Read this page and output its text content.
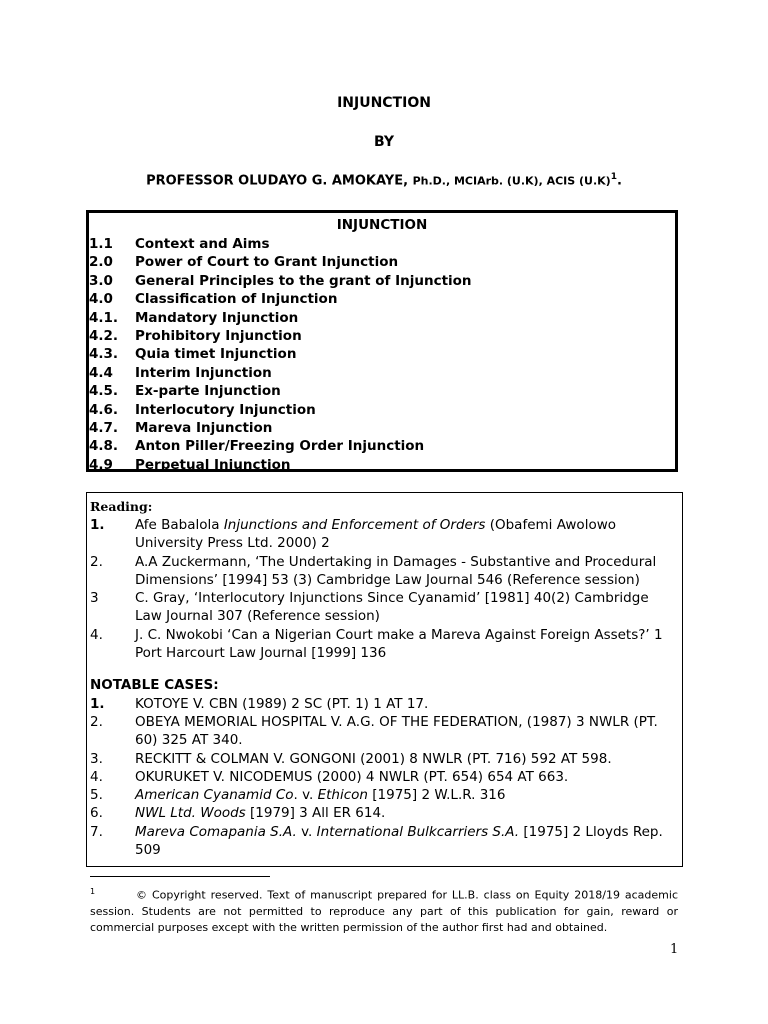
INJUNCTION
BY
PROFESSOR OLUDAYO G. AMOKAYE, Ph.D., MCIArb. (U.K), ACIS $(U.K)^1$.
INJUNCTION
1.1 Context and Aims
2.0 Power of Court to Grant Injunction
3.0 General Principles to the grant of Injunction
4.0 Classification of Injunction
4.1. Mandatory Injunction
4.2. Prohibitory Injunction
4.3. Quia timet Injunction
4.4 Interim Injunction
4.5. Ex-parte Injunction
4.6. Interlocutory Injunction
4.7. Mareva Injunction
4.8. Anton Piller/Freezing Order Injunction
4.9 Perpetual Injunction
Reading:
1. Afe Babalola Injunctions and Enforcement of Orders (Obafemi Awolowo University Press Ltd. 2000) 2
2. A.A Zuckermann, ‘The Undertaking in Damages - Substantive and Procedural Dimensions’ [1994] 53 (3) Cambridge Law Journal 546 (Reference session)
3	C. Gray, ‘Interlocutory Injunctions Since Cyanamid’ [1981] 40(2) Cambridge Law Journal 307 (Reference session)
4. J. C. Nwokobi ‘Can a Nigerian Court make a Mareva Against Foreign Assets?’ 1 Port Harcourt Law Journal [1999] 136
NOTABLE CASES:
1. KOTOYE V. CBN (1989) 2 SC (PT. 1) 1 AT 17.
2. OBEYA MEMORIAL HOSPITAL V. A.G. OF THE FEDERATION, (1987) 3 NWLR (PT. 60) 325 AT 340.
3. RECKITT & COLMAN V. GONGONI (2001) 8 NWLR (PT. 716) 592 AT 598.
4. OKURUKET V. NICODEMUS (2000) 4 NWLR (PT. 654) 654 AT 663.
5. American Cyanamid Co. v. Ethicon [1975] 2 W.L.R. 316
6. NWL Ltd. Woods [1979] 3 All ER 614.
7. Mareva Comapania S.A. v. International Bulkcarriers S.A. [1975] 2 Lloyds Rep. 509
$^1$	© Copyright reserved. Text of manuscript prepared for LL.B. class on Equity 2018/19 academic session. Students are not permitted to reproduce any part of this publication for gain, reward or commercial purposes except with the written permission of the author first had and obtained.
1
